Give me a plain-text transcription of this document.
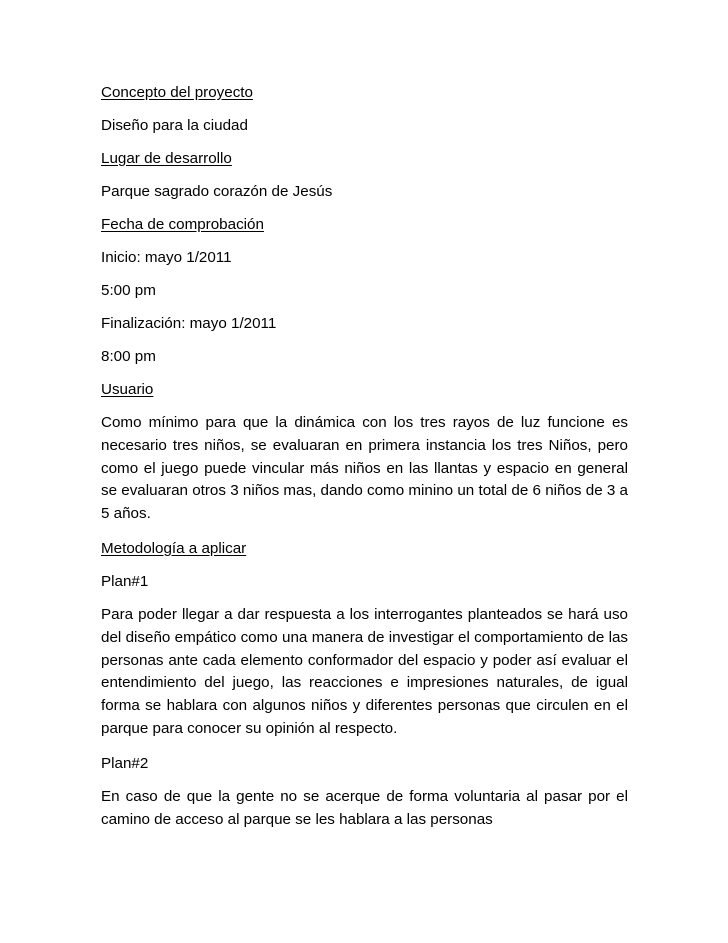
Concepto del proyecto
Diseño para la ciudad
Lugar de desarrollo
Parque sagrado corazón de Jesús
Fecha de comprobación
Inicio: mayo 1/2011
5:00 pm
Finalización: mayo 1/2011
8:00 pm
Usuario
Como mínimo para que la dinámica con los tres rayos de luz funcione es necesario tres niños, se evaluaran en primera instancia los tres Niños, pero como el juego puede vincular más niños en las llantas y espacio en general se evaluaran otros 3 niños mas, dando como minino un total de 6 niños de 3 a 5 años.
Metodología a aplicar
Plan#1
Para poder llegar a dar respuesta a los interrogantes planteados se hará uso del diseño empático como una manera de investigar el comportamiento de las personas ante cada elemento conformador del espacio y poder así evaluar el entendimiento del juego, las reacciones e impresiones naturales, de igual forma se hablara con algunos niños y diferentes personas que circulen en el parque para conocer su opinión al respecto.
Plan#2
En caso de que la gente no se acerque de forma voluntaria al pasar por el camino de acceso al parque se les hablara a las personas
